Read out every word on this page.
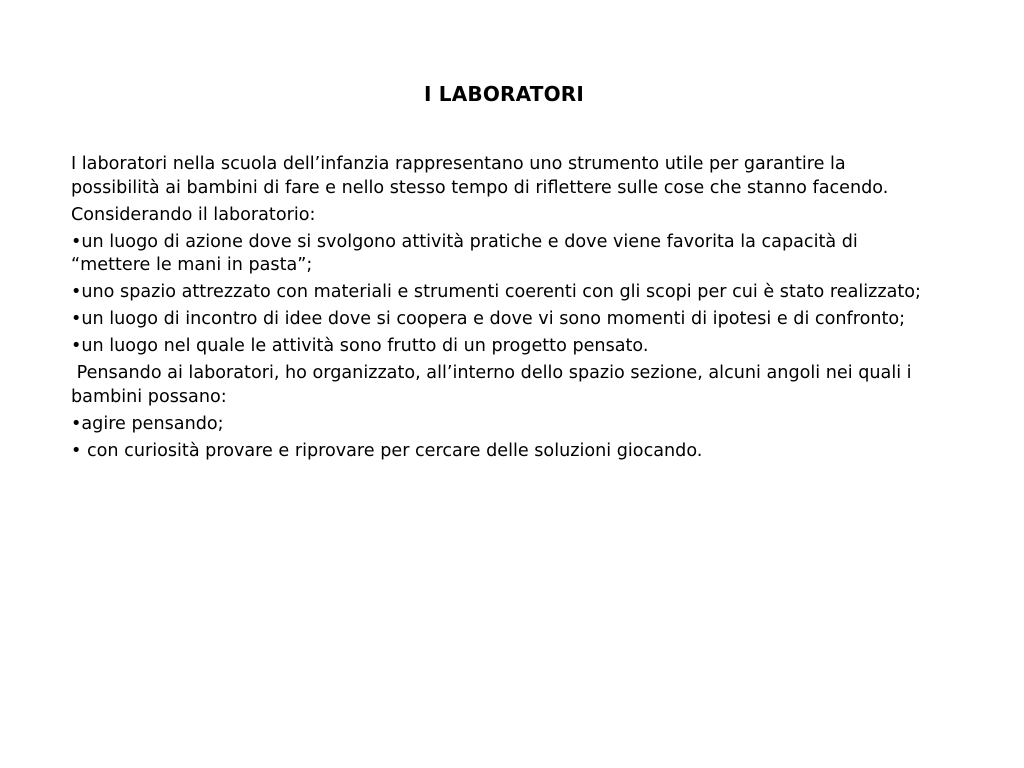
I LABORATORI

I laboratori nella scuola dell’infanzia rappresentano uno strumento utile per garantire la possibilità ai bambini di fare e nello stesso tempo di riflettere sulle cose che stanno facendo.

Considerando il laboratorio:

•un luogo di azione dove si svolgono attività pratiche e dove viene favorita la capacità di “mettere le mani in pasta”;

•uno spazio attrezzato con materiali e strumenti coerenti con gli scopi per cui è stato realizzato;

•un luogo di incontro di idee dove si coopera e dove vi sono momenti di ipotesi e di confronto;

•un luogo nel quale le attività sono frutto di un progetto pensato.

Pensando ai laboratori, ho organizzato, all’interno dello spazio sezione, alcuni angoli nei quali i bambini possano:

•agire pensando;

• con curiosità provare e riprovare per cercare delle soluzioni giocando.
